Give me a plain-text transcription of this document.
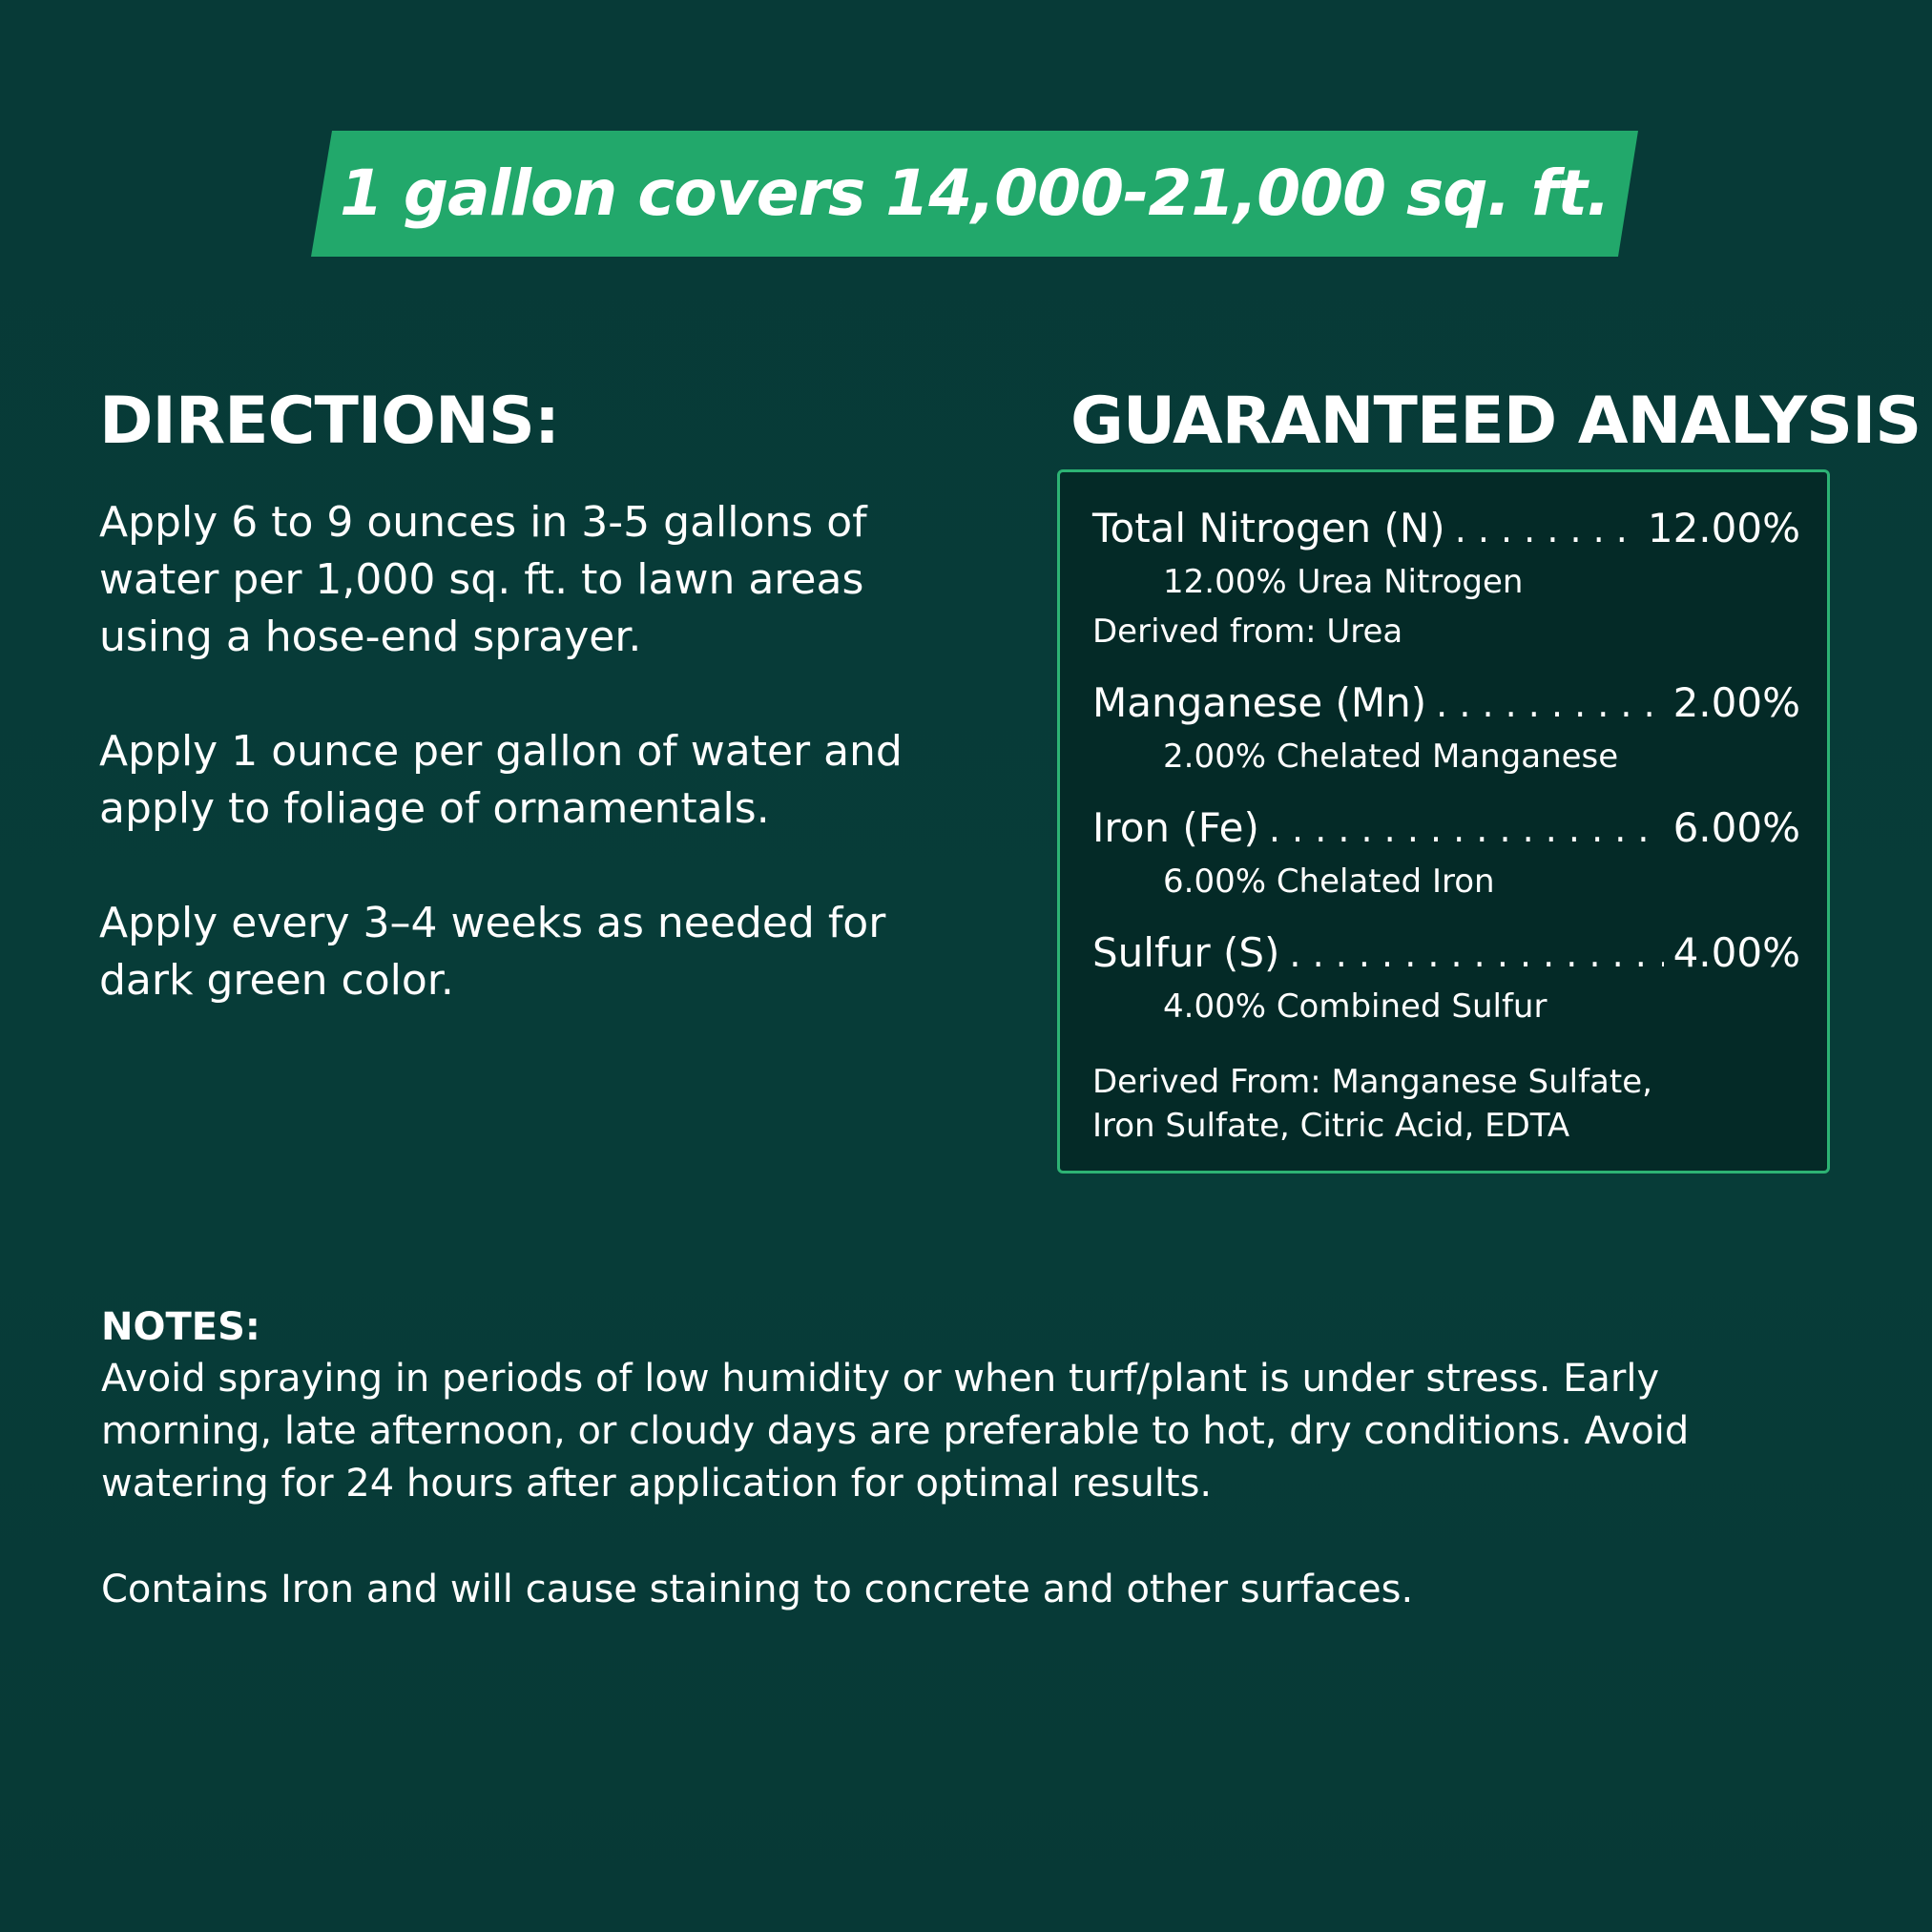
1 gallon covers 14,000-21,000 sq. ft.
DIRECTIONS:

Apply 6 to 9 ounces in 3-5 gallons of water per 1,000 sq. ft. to lawn areas using a hose-end sprayer.

Apply 1 ounce per gallon of water and apply to foliage of ornamentals.

Apply every 3–4 weeks as needed for dark green color.

GUARANTEED ANALYSIS
Total Nitrogen (N) . . .	12.00%
12.00% Urea Nitrogen
Derived from: Urea
Manganese (Mn) . . .	2.00%
2.00% Chelated Manganese
Iron (Fe) . . .	6.00%
6.00% Chelated Iron
Sulfur (S) . . .	4.00%
4.00% Combined Sulfur
Derived From: Manganese Sulfate,
Iron Sulfate, Citric Acid, EDTA
NOTES:

Avoid spraying in periods of low humidity or when turf/plant is under stress. Early morning, late afternoon, or cloudy days are preferable to hot, dry conditions. Avoid watering for 24 hours after application for optimal results.

Contains Iron and will cause staining to concrete and other surfaces.
